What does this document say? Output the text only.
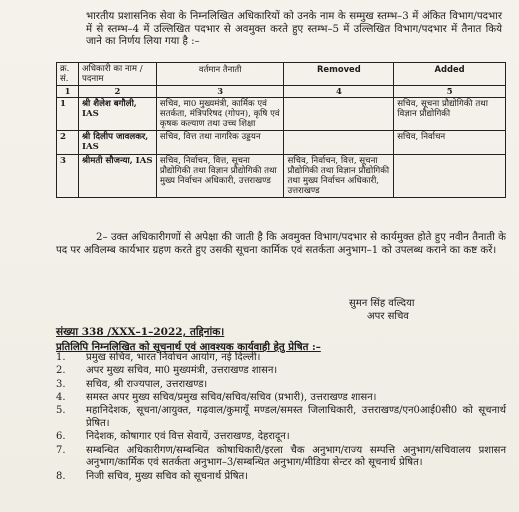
भारतीय प्रशासनिक सेवा के निम्नलिखित अधिकारियों को उनके नाम के सम्मुख स्तम्भ–3 में अंकित विभाग/पदभार में से स्तम्भ–4 में उल्लिखित पदभार से अवमुक्त करते हुए स्तम्भ–5 में उल्लिखित विभाग/पदभार में तैनात किये जाने का निर्णय लिया गया है :–

क्र. सं.	अधिकारी का नाम / पदनाम	वर्तमान तैनाती	Removed	Added
1	2	3	4	5
1	श्री शैलेश बगौली, IAS	सचिव, मा0 मुख्यमंत्री, कार्मिक एवं सतर्कता, मंत्रिपरिषद (गोपन), कृषि एवं कृषक कल्याण तथा उच्च शिक्षा		सचिव, सूचना प्रौद्योगिकी तथा विज्ञान प्रौद्योगिकी
2	श्री दिलीप जावलकर, IAS	सचिव, वित्त तथा नागरिक उड्डयन		सचिव, निर्वाचन
3	श्रीमती सौजन्या, IAS	सचिव, निर्वाचन, वित्त, सूचना प्रौद्योगिकी तथा विज्ञान प्रौद्योगिकी तथा मुख्य निर्वाचन अधिकारी, उत्तराखण्ड	सचिव, निर्वाचन, वित्त, सूचना प्रौद्योगिकी तथा विज्ञान प्रौद्योगिकी तथा मुख्य निर्वाचन अधिकारी, उत्तराखण्ड	

2– उक्त अधिकारीगणों से अपेक्षा की जाती है कि अवमुक्त विभाग/पदभार से कार्यमुक्त होते हुए नवीन तैनाती के पद पर अविलम्ब कार्यभार ग्रहण करते हुए उसकी सूचना कार्मिक एवं सतर्कता अनुभाग–1 को उपलब्ध कराने का कष्ट करें।

सुमन सिंह वल्दिया
अपर सचिव
संख्या 338 /XXX–1–2022, तद्दिनांक।
प्रतिलिपि निम्नलिखित को सूचनार्थ एवं आवश्यक कार्यवाही हेतु प्रेषित :–
1.	प्रमुख सचिव, भारत निर्वाचन आयोग, नई दिल्ली।
2.	अपर मुख्य सचिव, मा0 मुख्यमंत्री, उत्तराखण्ड शासन।
3.	सचिव, श्री राज्यपाल, उत्तराखण्ड।
4.	समस्त अपर मुख्य सचिव/प्रमुख सचिव/सचिव/सचिव (प्रभारी), उत्तराखण्ड शासन।
5.	महानिदेशक, सूचना/आयुक्त, गढ़वाल/कुमायूँ मण्डल/समस्त जिलाधिकारी, उत्तराखण्ड/एन0आई0सी0 को सूचनार्थ प्रेषित।
6.	निदेशक, कोषागार एवं वित्त सेवायें, उत्तराखण्ड, देहरादून।
7.	सम्बन्धित अधिकारीगण/सम्बन्धित कोषाधिकारी/इरला चैक अनुभाग/राज्य सम्पत्ति अनुभाग/सचिवालय प्रशासन अनुभाग/कार्मिक एवं सतर्कता अनुभाग–3/सम्बन्धित अनुभाग/मीडिया सेन्टर को सूचनार्थ प्रेषित।
8.	निजी सचिव, मुख्य सचिव को सूचनार्थ प्रेषित।
